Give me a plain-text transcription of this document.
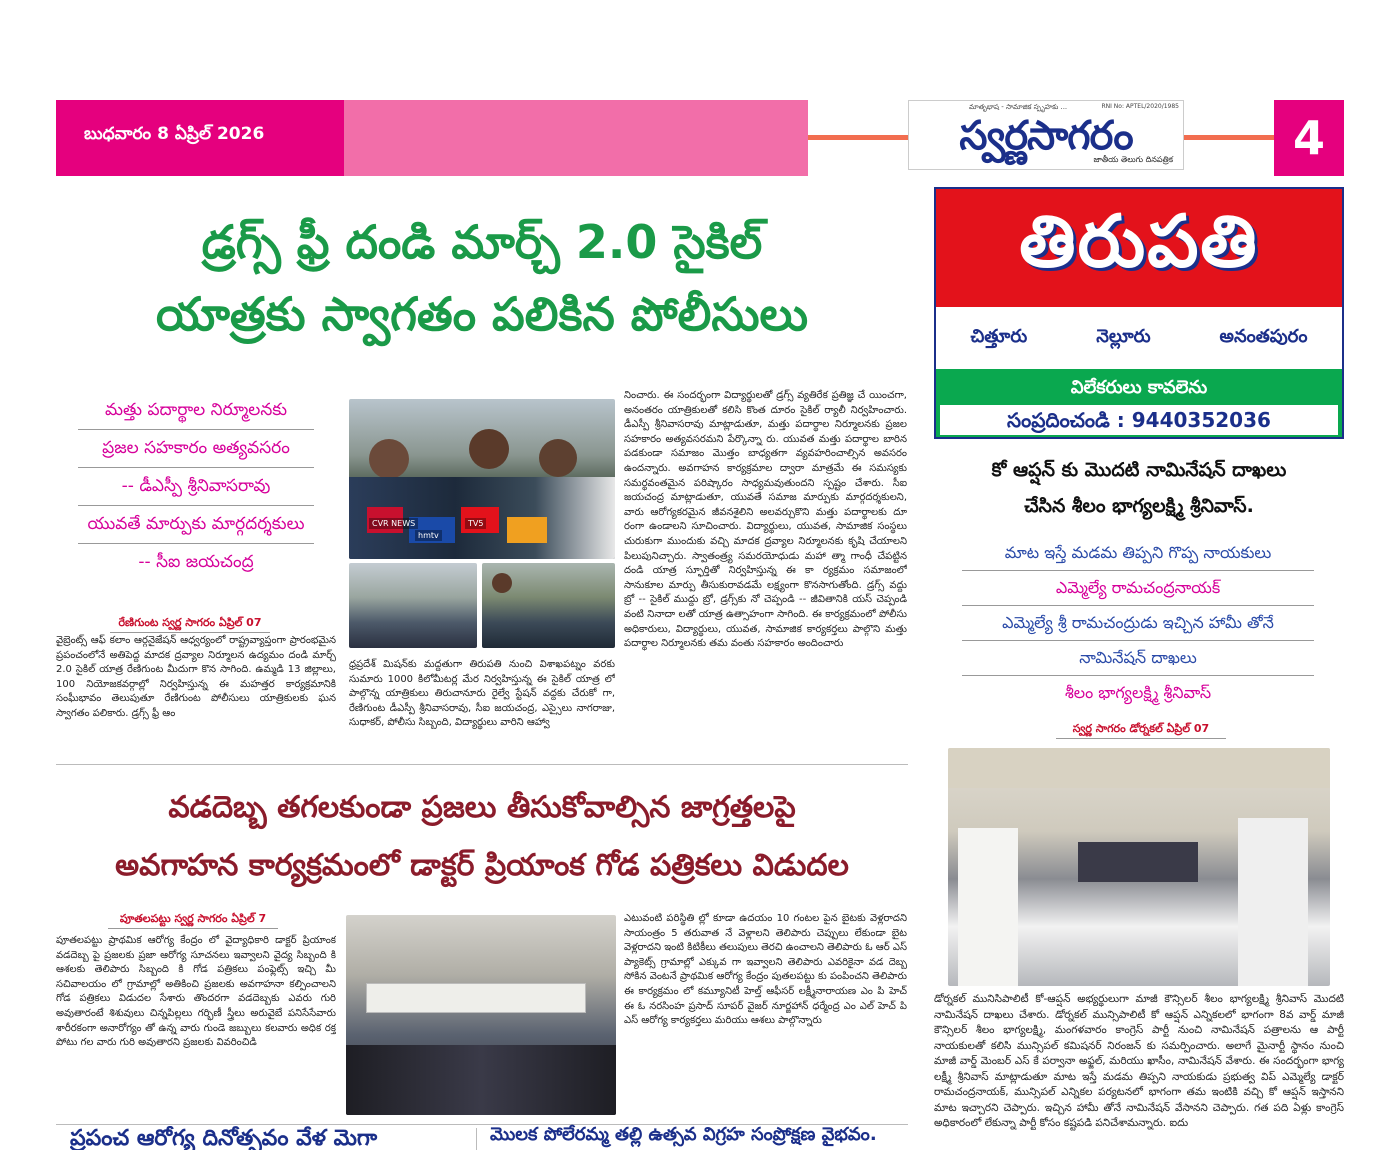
బుధవారం 8 ఏప్రిల్ 2026
మాతృభాష - సామాజిక స్పృహకు ...	RNI No: APTEL/2020/1985
స్వర్ణసాగరం
జాతీయ తెలుగు దినపత్రిక	4
డ్రగ్స్ ఫ్రీ దండి మార్చ్ 2.0 సైకిల్
యాత్రకు స్వాగతం పలికిన పోలీసులు
మత్తు పదార్థాల నిర్మూలనకు
ప్రజల సహకారం అత్యవసరం
-- డీఎస్పీ శ్రీనివాసరావు
యువతే మార్పుకు మార్గదర్శకులు
-- సీఐ జయచంద్ర
రేణిగుంట స్వర్ణ సాగరం ఏప్రిల్ 07
వైబ్రెంట్స్ ఆఫ్ కలాం ఆర్గనైజేషన్ ఆధ్వర్యంలో రాష్ట్రవ్యాప్తంగా ప్రారంభమైన ప్రపంచంలోనే అతిపెద్ద మాదక ద్రవ్యాల నిర్మూలన ఉద్యమం దండి మార్చ్ 2.0 సైకిల్ యాత్ర రేణిగుంట మీదుగా కొన సాగింది. ఉమ్మడి 13 జిల్లాలు, 100 నియోజకవర్గాల్లో నిర్వహిస్తున్న ఈ మహత్తర కార్యక్రమానికి సంఘీభావం తెలుపుతూ రేణిగుంట పోలీసులు యాత్రికులకు ఘన స్వాగతం పలికారు. డ్రగ్స్ ఫ్రీ ఆం
CVR NEWS
hmtv
TV5
ధ్రప్రదేశ్ మిషన్‌కు మద్దతుగా తిరుపతి నుంచి విశాఖపట్నం వరకు సుమారు 1000 కిలోమీటర్ల మేర నిర్వహిస్తున్న ఈ సైకిల్ యాత్ర లో పాల్గొన్న యాత్రికులు తిరుచానూరు రైల్వే స్టేషన్ వద్దకు చేరుకో గా, రేణిగుంట డీఎస్పీ శ్రీనివాసరావు, సీఐ జయచంద్ర, ఎస్సైలు నాగరాజు, సుధాకర్, పోలీసు సిబ్బంది, విద్యార్థులు వారిని ఆహ్వా
నించారు. ఈ సందర్భంగా విద్యార్థులతో డ్రగ్స్ వ్యతిరేక ప్రతిజ్ఞ చే యించగా, అనంతరం యాత్రికులతో కలిసి కొంత దూరం సైకిల్ ర్యాలీ నిర్వహించారు. డీఎస్పీ శ్రీనివాసరావు మాట్లాడుతూ, మత్తు పదార్థాల నిర్మూలనకు ప్రజల సహకారం అత్యవసరమని పేర్కొన్నా రు. యువత మత్తు పదార్థాల బారిన పడకుండా సమాజం మొత్తం బాధ్యతగా వ్యవహరించాల్సిన అవసరం ఉందన్నారు. అవగాహన కార్యక్రమాల ద్వారా మాత్రమే ఈ సమస్యకు సమర్థవంతమైన పరిష్కారం సాధ్యమవుతుందని స్పష్టం చేశారు. సీఐ జయచంద్ర మాట్లాడుతూ, యువతే సమాజ మార్పుకు మార్గదర్శకులని, వారు ఆరోగ్యకరమైన జీవనశైలిని అలవర్చుకొని మత్తు పదార్థాలకు దూ రంగా ఉండాలని సూచించారు. విద్యార్థులు, యువత, సామాజిక సంస్థలు చురుకుగా ముందుకు వచ్చి మాదక ద్రవ్యాల నిర్మూలనకు కృషి చేయాలని పిలుపునిచ్చారు. స్వాతంత్ర్య సమరయోధుడు మహా త్మా గాంధీ చేపట్టిన దండి యాత్ర స్ఫూర్తితో నిర్వహిస్తున్న ఈ కా ర్యక్రమం సమాజంలో సానుకూల మార్పు తీసుకురావడమే లక్ష్యంగా కొనసాగుతోంది. డ్రగ్స్ వద్దు బ్రో -- సైకిల్ ముద్దు బ్రో, డ్రగ్స్‌కు నో చెప్పండి -- జీవితానికి యస్ చెప్పండి వంటి నినాదా లతో యాత్ర ఉత్సాహంగా సాగింది. ఈ కార్యక్రమంలో పోలీసు అధికారులు, విద్యార్థులు, యువత, సామాజిక కార్యకర్తలు పాల్గొని మత్తు పదార్థాల నిర్మూలనకు తమ వంతు సహకారం అందించారు
వడదెబ్బ తగలకుండా ప్రజలు తీసుకోవాల్సిన జాగ్రత్తలపై
అవగాహన కార్యక్రమంలో డాక్టర్ ప్రియాంక గోడ పత్రికలు విడుదల
పూతలపట్టు స్వర్ణ సాగరం ఏప్రిల్ 7
పూతలపట్టు ప్రాథమిక ఆరోగ్య కేంద్రం లో వైద్యాధికారి డాక్టర్ ప్రియాంక వడదెబ్బ పై ప్రజలకు ప్రజా ఆరోగ్య సూచనలు ఇవ్వాలని వైద్య సిబ్బంది కి ఆశలకు తెలిపారు సిబ్బంది కి గోడ పత్రికలు పంఫ్లెట్స్ ఇచ్చి మీ సచివాలయం లో గ్రామాల్లో అతికించి ప్రజలకు అవగాహనా కల్పించాలని గోడ పత్రికలు విడుదల సేశారు తొందరగా వడదెబ్బకు ఎవరు గురి అవుతారంటే శిశువులు చిన్నపిల్లలు గర్భిణీ స్త్రీలు అరువైబే పనిసేసేవారు శారీరకంగా అనారోగ్యం తో ఉన్న వారు గుండె జబ్బులు కలవారు అధిక రక్త పోటు గల వారు గురి అవుతారని ప్రజలకు వివరించిడి
ఎటువంటి పరిస్థితి ల్లో కూడా ఉదయం 10 గంటల పైన బైటకు వెళ్లరాదని సాయంత్రం 5 తరువాత నే వెళ్లాలని తెలిపారు చెప్పులు లేకుండా బైట వెళ్లరాదని ఇంటి కిటికీలు తలుపులు తెరచి ఉంచాలని తెలిపారు ఓ ఆర్ ఎస్ ప్యాకెట్స్ గ్రామాల్లో ఎక్కువ గా ఇవ్వాలని తెలిపారు ఎవరికైనా వడ దెబ్బ సోకిన వెంటనే ప్రాథమిక ఆరోగ్య కేంద్రం పుతలపట్టు కు పంపించని తెలిపారు ఈ కార్యక్రమం లో కమ్యూనిటీ హెల్త్ ఆఫీసర్ లక్ష్మీనారాయణ ఎం పి హెచ్ ఈ ఓ నరసింహ ప్రసాద్ సూపర్ వైజర్ నూర్జహాన్ ధర్మేంద్ర ఎం ఎల్ హెచ్ పి ఎస్ ఆరోగ్య కార్యకర్తలు మరియు ఆశలు పాల్గొన్నారు
ప్రపంచ ఆరోగ్య దినోత్సవం వేళ మెగా	మొలక పోలేరమ్మ తల్లి ఉత్సవ విగ్రహ సంప్రోక్షణ వైభవం.
తిరుపతి
చిత్తూరు	నెల్లూరు	అనంతపురం
విలేకరులు కావలెను
సంప్రదించండి : 9440352036
కో ఆప్షన్ కు మొదటి నామినేషన్ దాఖలు
చేసిన శీలం భాగ్యలక్ష్మి శ్రీనివాస్.
మాట ఇస్తే మడమ తిప్పని గొప్ప నాయకులు
ఎమ్మెల్యే రామచంద్రనాయక్
ఎమ్మెల్యే శ్రీ రామచంద్రుడు ఇచ్చిన హామీ తోనే
నామినేషన్ దాఖలు
శీలం భాగ్యలక్ష్మి శ్రీనివాస్
స్వర్ణ సాగరం డోర్నకల్ ఏప్రిల్ 07
డోర్నకల్ మునిసిపాలిటీ కో-ఆప్షన్ అభ్యర్థులుగా మాజీ కౌన్సిలర్ శీలం భాగ్యలక్ష్మి శ్రీనివాస్ మొదటి నామినేషన్ దాఖలు చేశారు. డోర్నకల్ మున్సిపాలిటీ కో ఆప్షన్ ఎన్నికలలో భాగంగా 8వ వార్డ్ మాజీ కౌన్సిలర్ శీలం భాగ్యలక్ష్మి, మంగళవారం కాంగ్రెస్ పార్టీ నుంచి నామినేషన్ పత్రాలను ఆ పార్టీ నాయకులతో కలిసి మున్సిపల్ కమిషనర్ నిరంజన్ కు సమర్పించారు. అలాగే మైనార్టీ స్థానం నుంచి మాజీ వార్డ్ మెంబర్ ఎస్ కే పర్వానా అఫ్జల్, మరియు ఖాసీం, నామినేషన్ వేశారు. ఈ సందర్భంగా భాగ్య లక్ష్మీ శ్రీనివాస్ మాట్లాడుతూ మాట ఇస్తే మడమ తిప్పని నాయకుడు ప్రభుత్వ విప్ ఎమ్మెల్యే డాక్టర్ రామచంద్రనాయక్, మున్సిపల్ ఎన్నికల పర్యటనలో భాగంగా తమ ఇంటికి వచ్చి కో ఆప్షన్ ఇస్తానని మాట ఇచ్చారని చెప్పారు. ఇచ్చిన హామీ తోనే నామినేషన్ వేసానని చెప్పారు. గత పది ఏళ్లు కాంగ్రెస్ అధికారంలో లేకున్నా పార్టీ కోసం కష్టపడి పనిచేశామన్నారు. ఐదు
